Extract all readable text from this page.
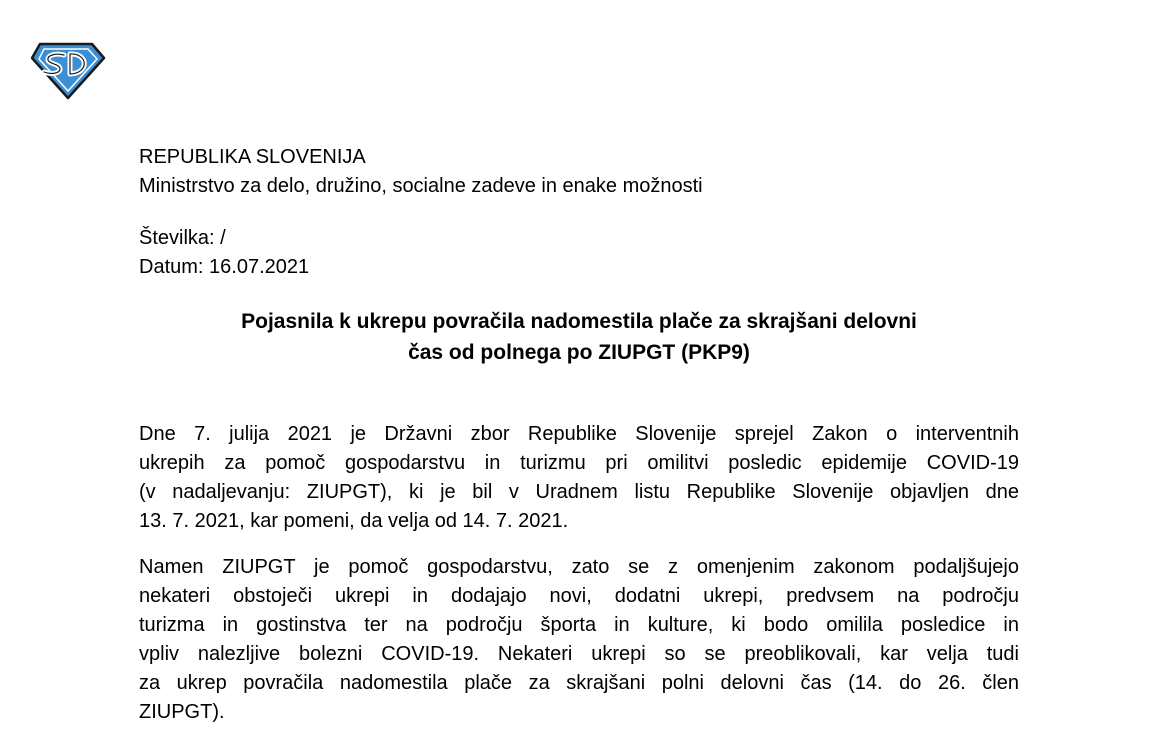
REPUBLIKA SLOVENIJA
Ministrstvo za delo, družino, socialne zadeve in enake možnosti
Številka: /
Datum: 16.07.2021
Pojasnila k ukrepu povračila nadomestila plače za skrajšani delovni
čas od polnega po ZIUPGT (PKP9)
Dne 7. julija 2021 je Državni zbor Republike Slovenije sprejel Zakon o interventnih
ukrepih za pomoč gospodarstvu in turizmu pri omilitvi posledic epidemije COVID-19
(v nadaljevanju: ZIUPGT), ki je bil v Uradnem listu Republike Slovenije objavljen dne
13. 7. 2021, kar pomeni, da velja od 14. 7. 2021.
Namen ZIUPGT je pomoč gospodarstvu, zato se z omenjenim zakonom podaljšujejo
nekateri obstoječi ukrepi in dodajajo novi, dodatni ukrepi, predvsem na področju
turizma in gostinstva ter na področju športa in kulture, ki bodo omilila posledice in
vpliv nalezljive bolezni COVID-19. Nekateri ukrepi so se preoblikovali, kar velja tudi
za ukrep povračila nadomestila plače za skrajšani polni delovni čas (14. do 26. člen
ZIUPGT).
